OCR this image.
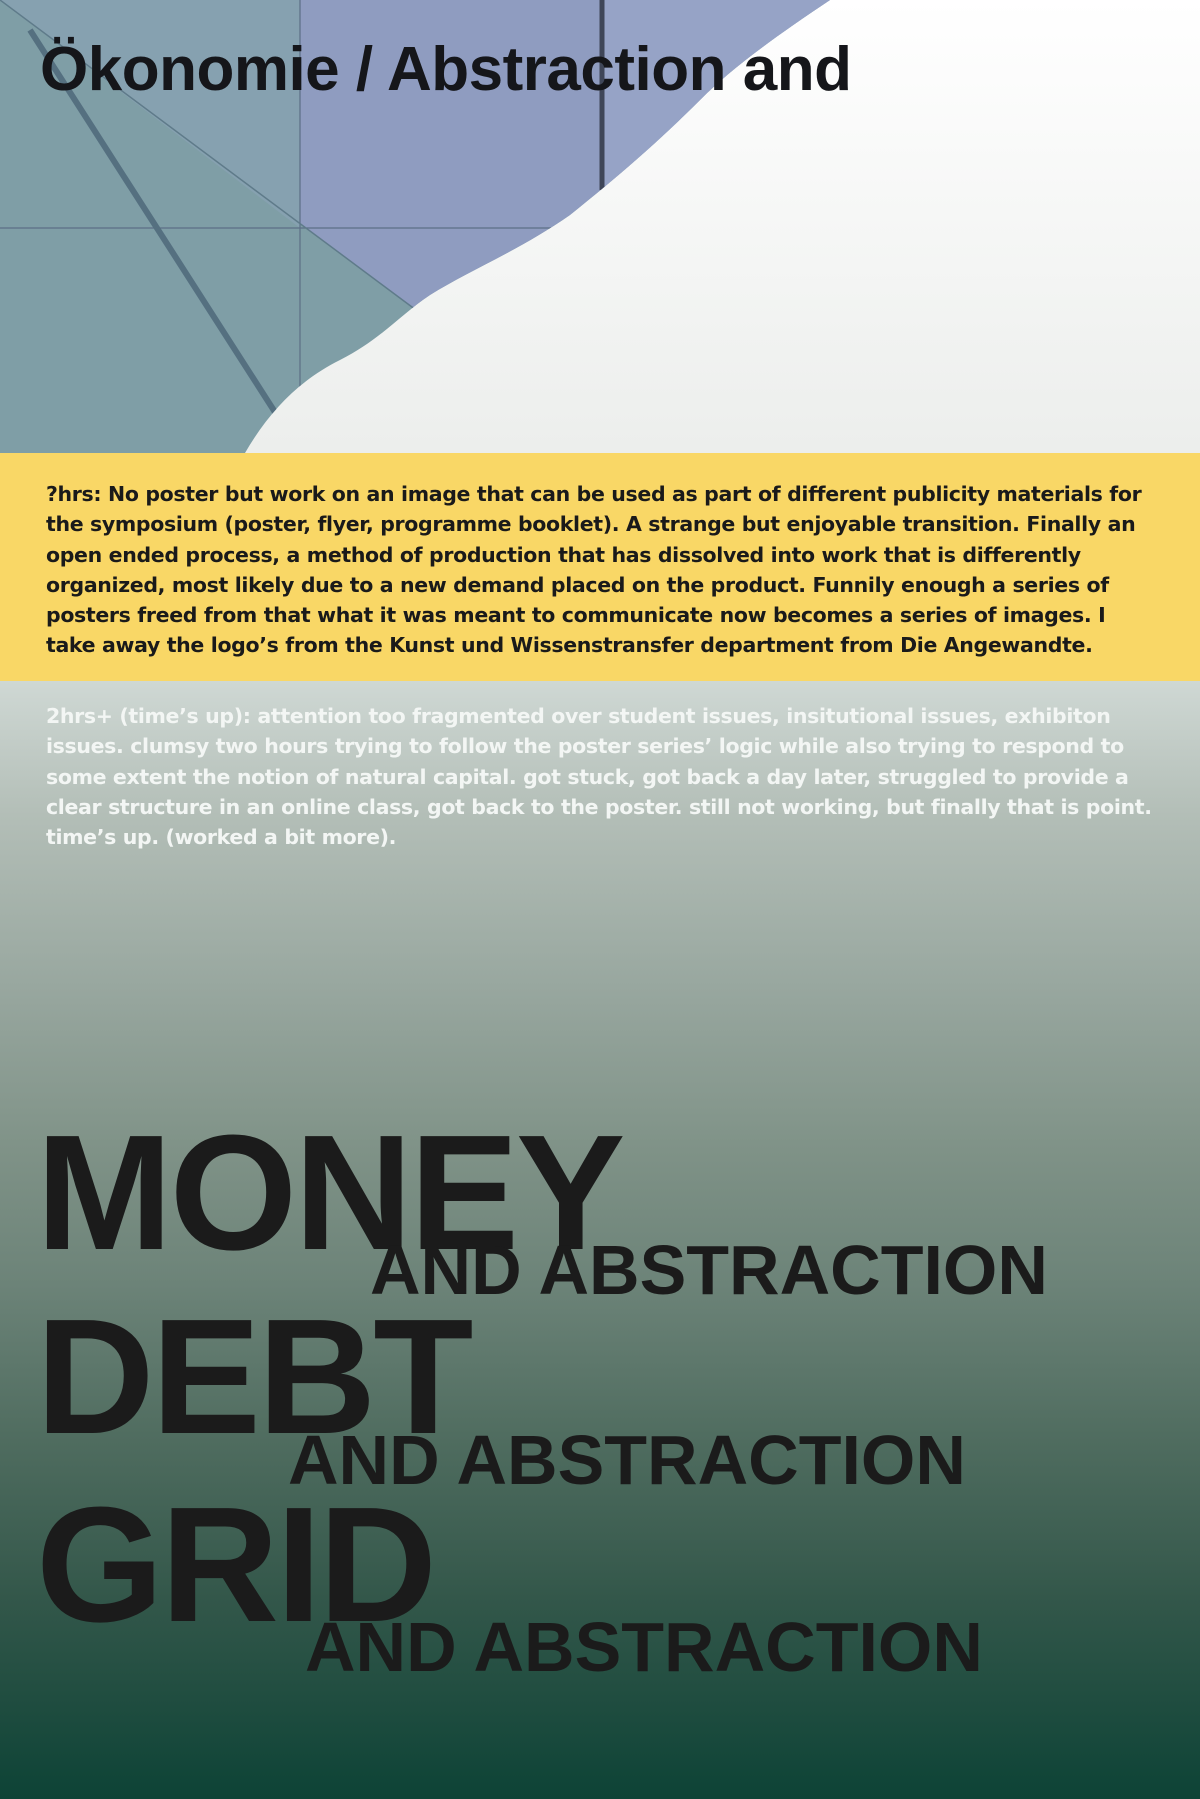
Ökonomie / Abstraction and

?hrs: No poster but work on an image that can be used as part of different publicity materials for the symposium (poster, flyer, programme booklet). A strange but enjoyable transition. Finally an open ended process, a method of production that has dissolved into work that is differently organized, most likely due to a new demand placed on the product. Funnily enough a series of posters freed from that what it was meant to communicate now becomes a series of images. I take away the logo’s from the Kunst und Wissenstransfer department from Die Angewandte.

2hrs+ (time’s up): attention too fragmented over student issues, insitutional issues, exhibiton issues. clumsy two hours trying to follow the poster series’ logic while also trying to respond to some extent the notion of natural capital. got stuck, got back a day later, struggled to provide a clear structure in an online class, got back to the poster. still not working, but finally that is point. time’s up. (worked a bit more).

MONEY
AND ABSTRACTION
DEBT
AND ABSTRACTION
GRID
AND ABSTRACTION
